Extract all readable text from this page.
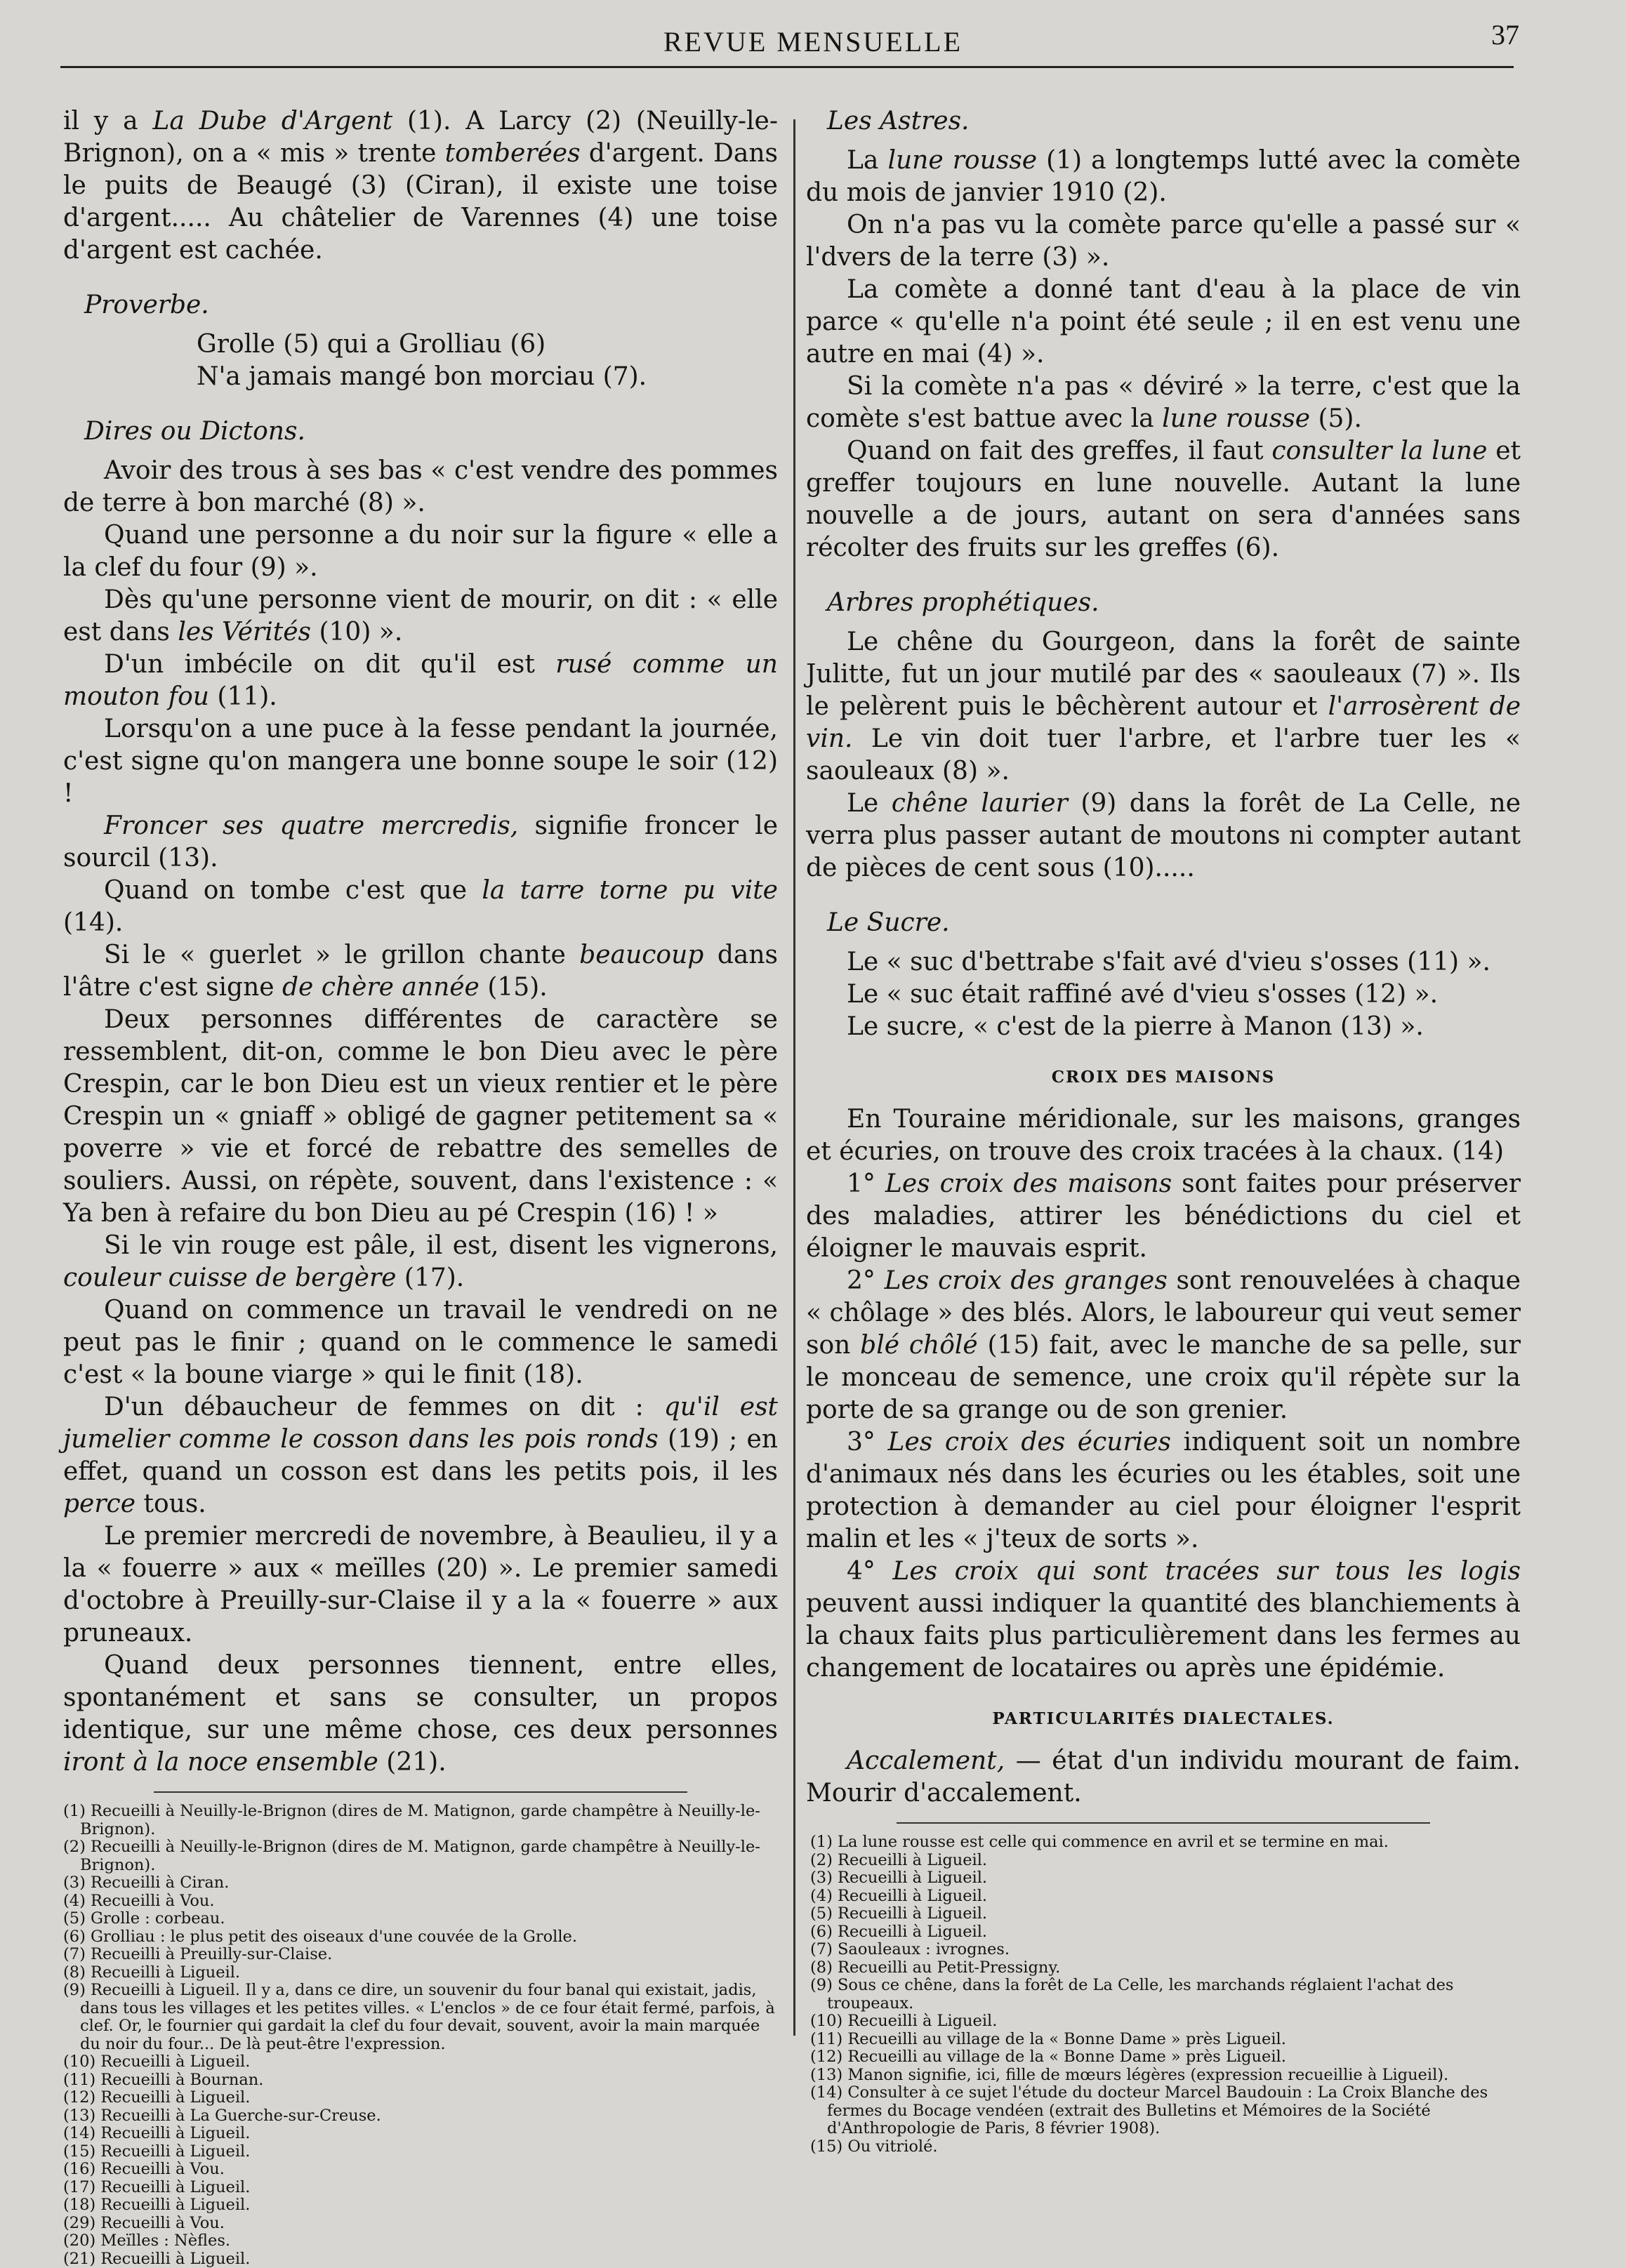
REVUE MENSUELLE	37

il y a La Dube d'Argent (1). A Larcy (2) (Neuilly-le-Brignon), on a « mis » trente tomberées d'argent. Dans le puits de Beaugé (3) (Ciran), il existe une toise d'argent..... Au châtelier de Varennes (4) une toise d'argent est cachée.

Proverbe.
Grolle (5) qui a Grolliau (6)
N'a jamais mangé bon morciau (7).
Dires ou Dictons.

Avoir des trous à ses bas « c'est vendre des pommes de terre à bon marché (8) ».

Quand une personne a du noir sur la figure « elle a la clef du four (9) ».

Dès qu'une personne vient de mourir, on dit : « elle est dans les Vérités (10) ».

D'un imbécile on dit qu'il est rusé comme un mouton fou (11).

Lorsqu'on a une puce à la fesse pendant la journée, c'est signe qu'on mangera une bonne soupe le soir (12) !

Froncer ses quatre mercredis, signifie froncer le sourcil (13).

Quand on tombe c'est que la tarre torne pu vite (14).

Si le « guerlet » le grillon chante beaucoup dans l'âtre c'est signe de chère année (15).

Deux personnes différentes de caractère se ressemblent, dit-on, comme le bon Dieu avec le père Crespin, car le bon Dieu est un vieux rentier et le père Crespin un « gniaff » obligé de gagner petitement sa « poverre » vie et forcé de rebattre des semelles de souliers. Aussi, on répète, souvent, dans l'existence : « Ya ben à refaire du bon Dieu au pé Crespin (16) ! »

Si le vin rouge est pâle, il est, disent les vignerons, couleur cuisse de bergère (17).

Quand on commence un travail le vendredi on ne peut pas le finir ; quand on le commence le samedi c'est « la boune viarge » qui le finit (18).

D'un débaucheur de femmes on dit : qu'il est jumelier comme le cosson dans les pois ronds (19) ; en effet, quand un cosson est dans les petits pois, il les perce tous.

Le premier mercredi de novembre, à Beaulieu, il y a la « fouerre » aux « meïlles (20) ». Le premier samedi d'octobre à Preuilly-sur-Claise il y a la « fouerre » aux pruneaux.

Quand deux personnes tiennent, entre elles, spontanément et sans se consulter, un propos identique, sur une même chose, ces deux personnes iront à la noce ensemble (21).

(1) Recueilli à Neuilly-le-Brignon (dires de M. Matignon, garde champêtre à Neuilly-le-Brignon).
(2) Recueilli à Neuilly-le-Brignon (dires de M. Matignon, garde champêtre à Neuilly-le-Brignon).
(3) Recueilli à Ciran.
(4) Recueilli à Vou.
(5) Grolle : corbeau.
(6) Grolliau : le plus petit des oiseaux d'une couvée de la Grolle.
(7) Recueilli à Preuilly-sur-Claise.
(8) Recueilli à Ligueil.
(9) Recueilli à Ligueil. Il y a, dans ce dire, un souvenir du four banal qui existait, jadis, dans tous les villages et les petites villes. « L'enclos » de ce four était fermé, parfois, à clef. Or, le fournier qui gardait la clef du four devait, souvent, avoir la main marquée du noir du four... De là peut-être l'expression.
(10) Recueilli à Ligueil.
(11) Recueilli à Bournan.
(12) Recueilli à Ligueil.
(13) Recueilli à La Guerche-sur-Creuse.
(14) Recueilli à Ligueil.
(15) Recueilli à Ligueil.
(16) Recueilli à Vou.
(17) Recueilli à Ligueil.
(18) Recueilli à Ligueil.
(29) Recueilli à Vou.
(20) Meïlles : Nèfles.
(21) Recueilli à Ligueil.
Les Astres.

La lune rousse (1) a longtemps lutté avec la comète du mois de janvier 1910 (2).

On n'a pas vu la comète parce qu'elle a passé sur « l'dvers de la terre (3) ».

La comète a donné tant d'eau à la place de vin parce « qu'elle n'a point été seule ; il en est venu une autre en mai (4) ».

Si la comète n'a pas « déviré » la terre, c'est que la comète s'est battue avec la lune rousse (5).

Quand on fait des greffes, il faut consulter la lune et greffer toujours en lune nouvelle. Autant la lune nouvelle a de jours, autant on sera d'années sans récolter des fruits sur les greffes (6).

Arbres prophétiques.

Le chêne du Gourgeon, dans la forêt de sainte Julitte, fut un jour mutilé par des « saouleaux (7) ». Ils le pelèrent puis le bêchèrent autour et l'arrosèrent de vin. Le vin doit tuer l'arbre, et l'arbre tuer les « saouleaux (8) ».

Le chêne laurier (9) dans la forêt de La Celle, ne verra plus passer autant de moutons ni compter autant de pièces de cent sous (10).....

Le Sucre.

Le « suc d'bettrabe s'fait avé d'vieu s'osses (11) ».

Le « suc était raffiné avé d'vieu s'osses (12) ».

Le sucre, « c'est de la pierre à Manon (13) ».

CROIX DES MAISONS

En Touraine méridionale, sur les maisons, granges et écuries, on trouve des croix tracées à la chaux. (14)

1° Les croix des maisons sont faites pour préserver des maladies, attirer les bénédictions du ciel et éloigner le mauvais esprit.

2° Les croix des granges sont renouvelées à chaque « chôlage » des blés. Alors, le laboureur qui veut semer son blé chôlé (15) fait, avec le manche de sa pelle, sur le monceau de semence, une croix qu'il répète sur la porte de sa grange ou de son grenier.

3° Les croix des écuries indiquent soit un nombre d'animaux nés dans les écuries ou les étables, soit une protection à demander au ciel pour éloigner l'esprit malin et les « j'teux de sorts ».

4° Les croix qui sont tracées sur tous les logis peuvent aussi indiquer la quantité des blanchiements à la chaux faits plus particulièrement dans les fermes au changement de locataires ou après une épidémie.

PARTICULARITÉS DIALECTALES.

Accalement, — état d'un individu mourant de faim. Mourir d'accalement.

(1) La lune rousse est celle qui commence en avril et se termine en mai.
(2) Recueilli à Ligueil.
(3) Recueilli à Ligueil.
(4) Recueilli à Ligueil.
(5) Recueilli à Ligueil.
(6) Recueilli à Ligueil.
(7) Saouleaux : ivrognes.
(8) Recueilli au Petit-Pressigny.
(9) Sous ce chêne, dans la forêt de La Celle, les marchands réglaient l'achat des troupeaux.
(10) Recueilli à Ligueil.
(11) Recueilli au village de la « Bonne Dame » près Ligueil.
(12) Recueilli au village de la « Bonne Dame » près Ligueil.
(13) Manon signifie, ici, fille de mœurs légères (expression recueillie à Ligueil).
(14) Consulter à ce sujet l'étude du docteur Marcel Baudouin : La Croix Blanche des fermes du Bocage vendéen (extrait des Bulletins et Mémoires de la Société d'Anthropologie de Paris, 8 février 1908).
(15) Ou vitriolé.
